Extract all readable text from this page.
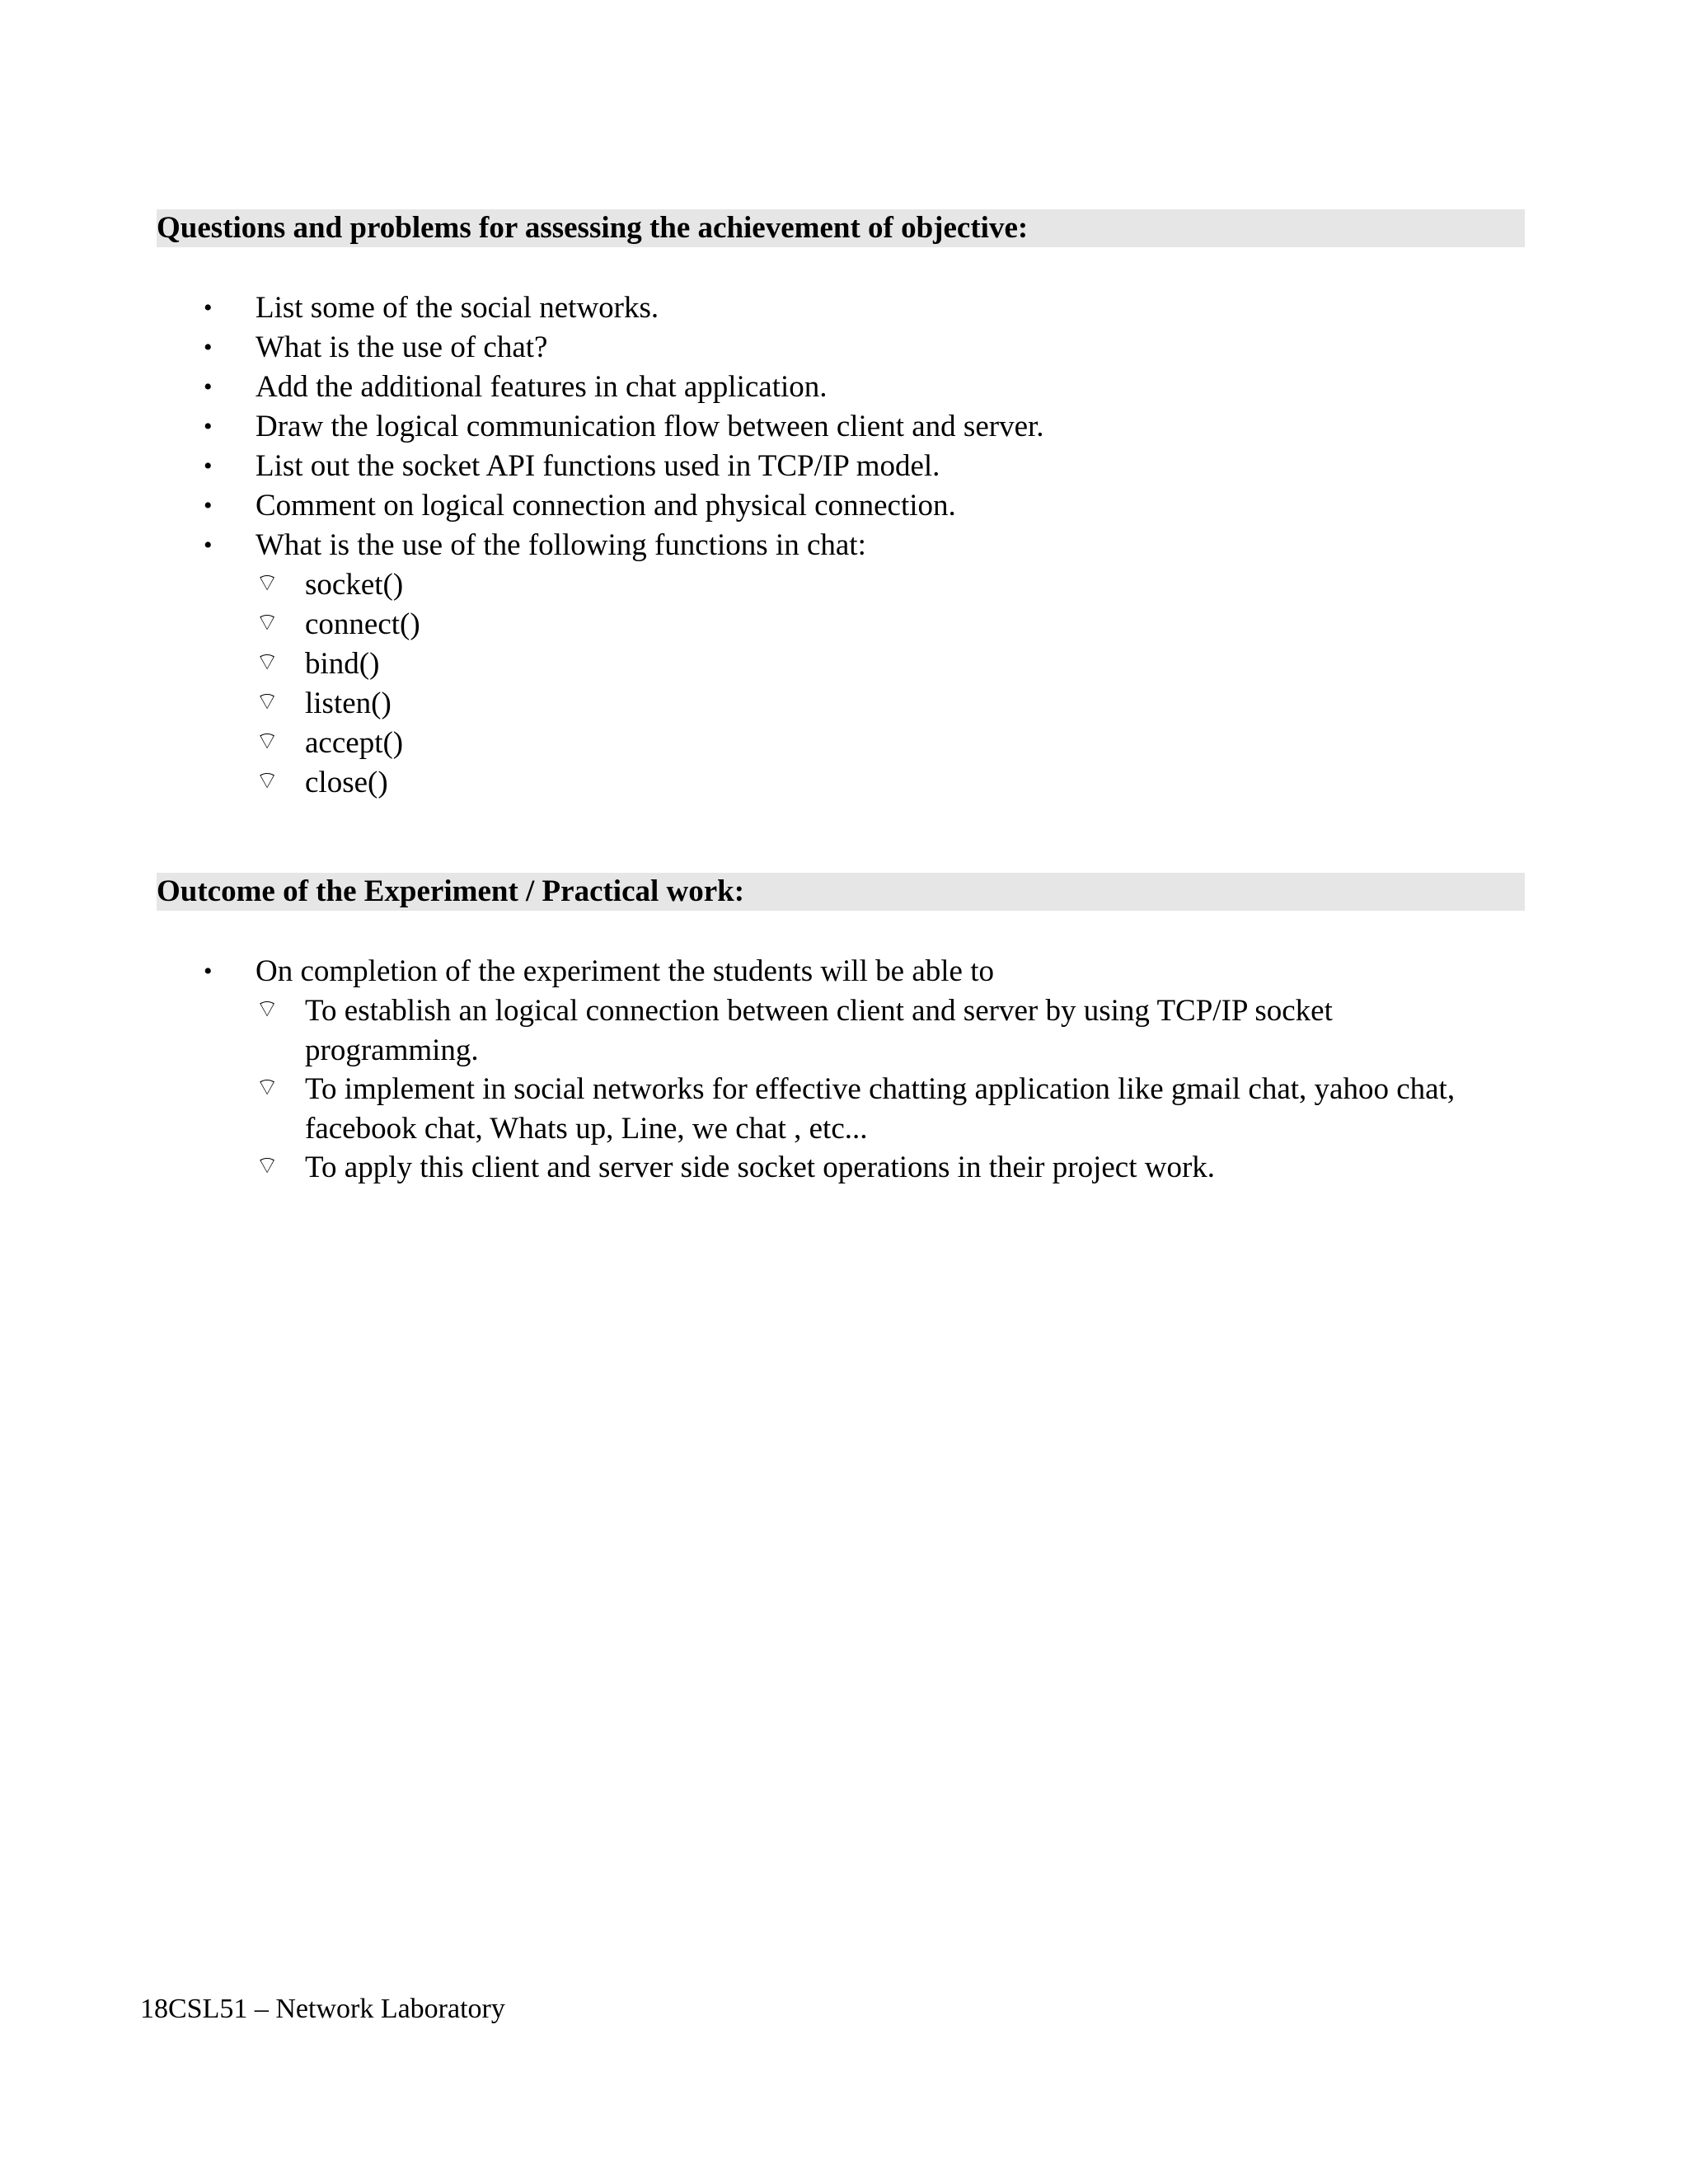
Questions and problems for assessing the achievement of objective:
• List some of the social networks.
• What is the use of chat?
• Add the additional features in chat application.
• Draw the logical communication flow between client and server.
• List out the socket API functions used in TCP/IP model.
• Comment on logical connection and physical connection.
• What is the use of the following functions in chat:
⌔ socket()
⌔ connect()
⌔ bind()
⌔ listen()
⌔ accept()
⌔ close()
Outcome of the Experiment / Practical work:
• On completion of the experiment the students will be able to
⌔ To establish an logical connection between client and server by using TCP/IP socket programming.
⌔ To implement in social networks for effective chatting application like gmail chat, yahoo chat, facebook chat, Whats up, Line, we chat , etc...
⌔ To apply this client and server side socket operations in their project work.
18CSL51 – Network Laboratory
